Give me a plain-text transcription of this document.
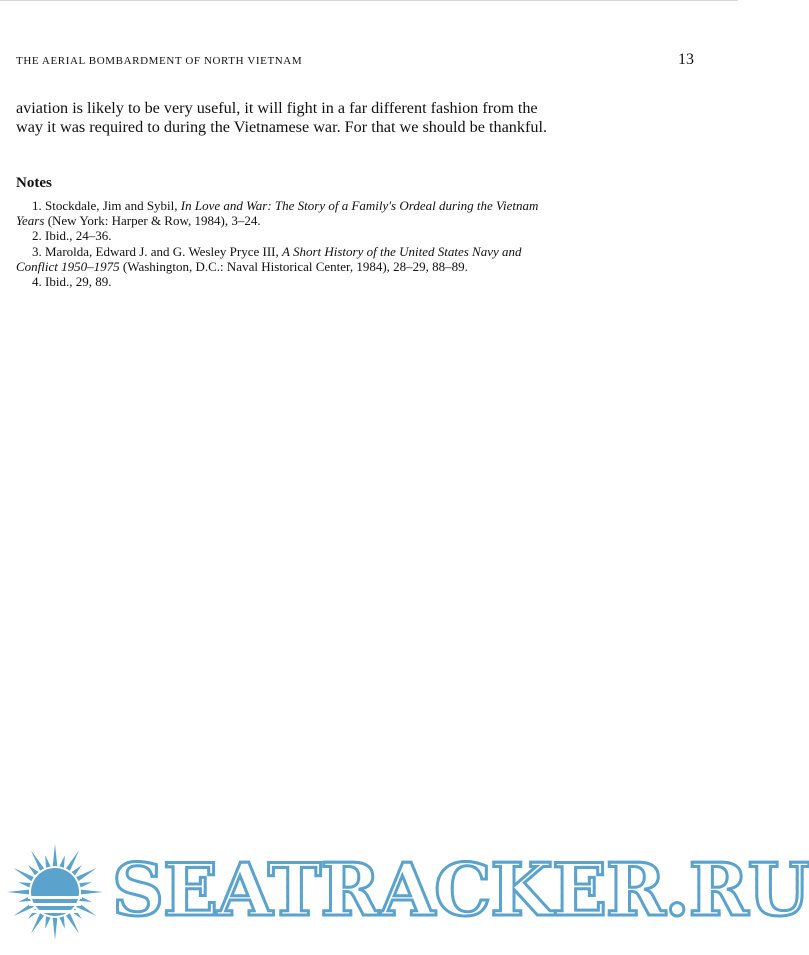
THE AERIAL BOMBARDMENT OF NORTH VIETNAM	13

aviation is likely to be very useful, it will fight in a far different fashion from the way it was required to during the Vietnamese war. For that we should be thankful.

Notes
1. Stockdale, Jim and Sybil, In Love and War: The Story of a Family's Ordeal during the Vietnam Years (New York: Harper & Row, 1984), 3–24.
2. Ibid., 24–36.
3. Marolda, Edward J. and G. Wesley Pryce III, A Short History of the United States Navy and Conflict 1950–1975 (Washington, D.C.: Naval Historical Center, 1984), 28–29, 88–89.
4. Ibid., 29, 89.
SEATRACKER.RU
